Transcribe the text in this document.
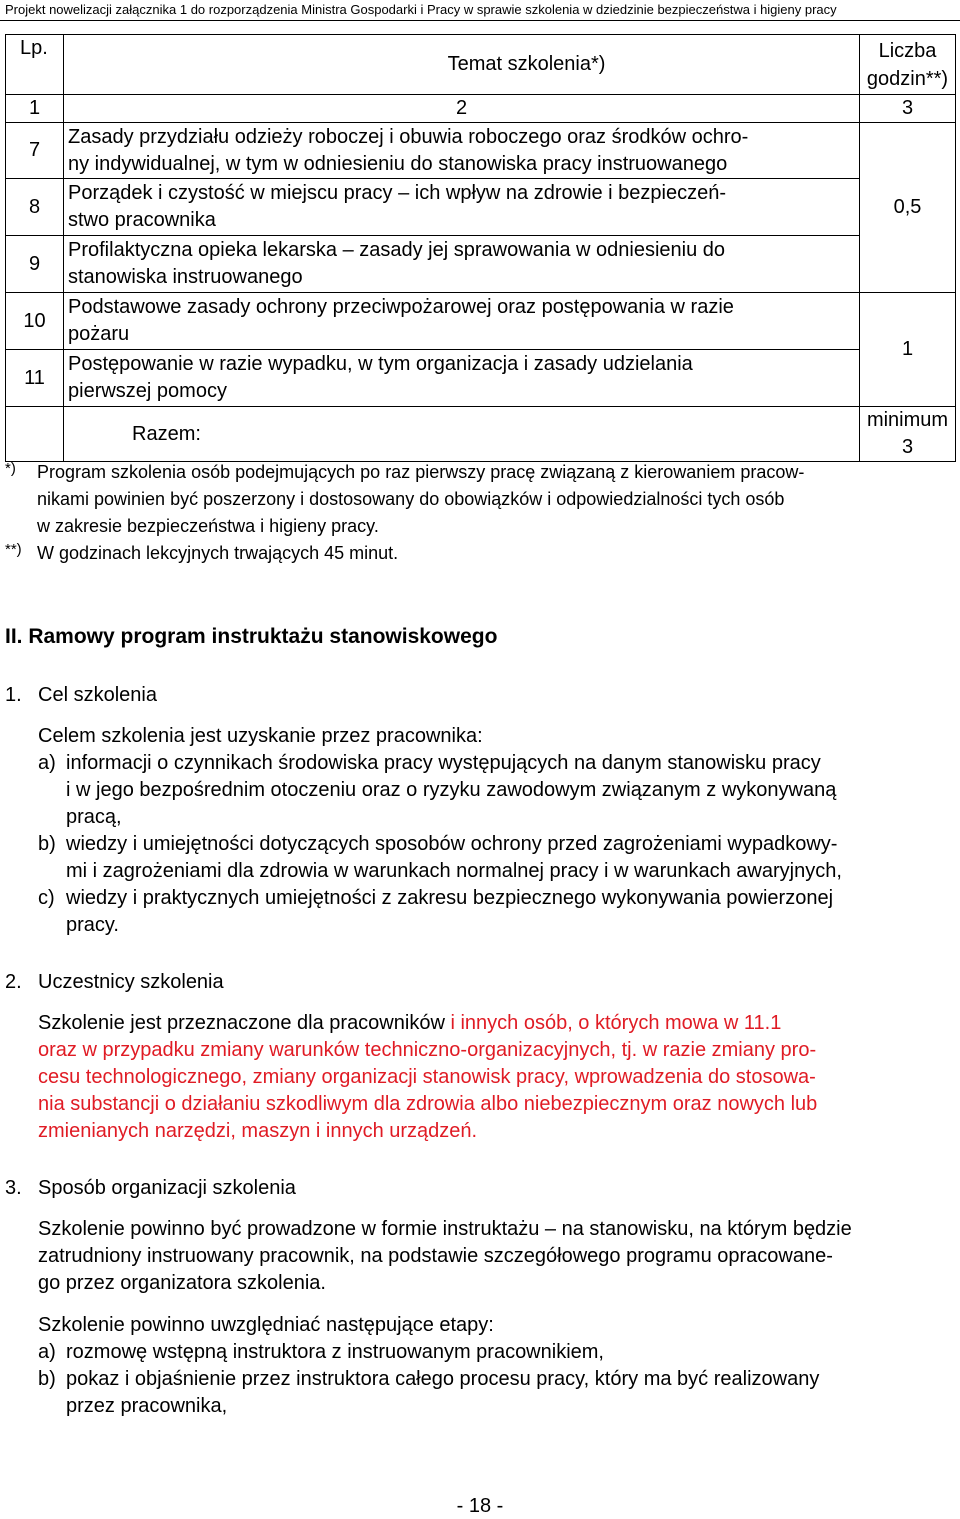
Projekt nowelizacji załącznika 1 do rozporządzenia Ministra Gospodarki i Pracy w sprawie szkolenia w dziedzinie bezpieczeństwa i higieny pracy
Lp.	Temat szkolenia*)	Liczba
godzin**)

1	2	3
7	Zasady przydziału odzieży roboczej i obuwia roboczego oraz środków ochro-
ny indywidualnej, w tym w odniesieniu do stanowiska pracy instruowanego	0,5
8	Porządek i czystość w miejscu pracy – ich wpływ na zdrowie i bezpieczeń-
stwo pracownika	

9	Profilaktyczna opieka lekarska – zasady jej sprawowania w odniesieniu do
stanowiska instruowanego	

10	Podstawowe zasady ochrony przeciwpożarowej oraz postępowania w razie
pożaru	1
11	Postępowanie w razie wypadku, w tym organizacja i zasady udzielania
pierwszej pomocy	

	Razem:	minimum
3
*) Program szkolenia osób podejmujących po raz pierwszy pracę związaną z kierowaniem pracow-
nikami powinien być poszerzony i dostosowany do obowiązków i odpowiedzialności tych osób
w zakresie bezpieczeństwa i higieny pracy.
**) W godzinach lekcyjnych trwających 45 minut.
II. Ramowy program instruktażu stanowiskowego
1. Cel szkolenia
Celem szkolenia jest uzyskanie przez pracownika:
a) informacji o czynnikach środowiska pracy występujących na danym stanowisku pracy
i w jego bezpośrednim otoczeniu oraz o ryzyku zawodowym związanym z wykonywaną
pracą,
b) wiedzy i umiejętności dotyczących sposobów ochrony przed zagrożeniami wypadkowy-
mi i zagrożeniami dla zdrowia w warunkach normalnej pracy i w warunkach awaryjnych,
c) wiedzy i praktycznych umiejętności z zakresu bezpiecznego wykonywania powierzonej
pracy.
2. Uczestnicy szkolenia
Szkolenie jest przeznaczone dla pracowników i innych osób, o których mowa w 11.1
oraz w przypadku zmiany warunków techniczno-organizacyjnych, tj. w razie zmiany pro-
cesu technologicznego, zmiany organizacji stanowisk pracy, wprowadzenia do stosowa-
nia substancji o działaniu szkodliwym dla zdrowia albo niebezpiecznym oraz nowych lub
zmienianych narzędzi, maszyn i innych urządzeń.
3. Sposób organizacji szkolenia
Szkolenie powinno być prowadzone w formie instruktażu – na stanowisku, na którym będzie
zatrudniony instruowany pracownik, na podstawie szczegółowego programu opracowane-
go przez organizatora szkolenia.
Szkolenie powinno uwzględniać następujące etapy:
a) rozmowę wstępną instruktora z instruowanym pracownikiem,
b) pokaz i objaśnienie przez instruktora całego procesu pracy, który ma być realizowany
przez pracownika,
- 18 -
